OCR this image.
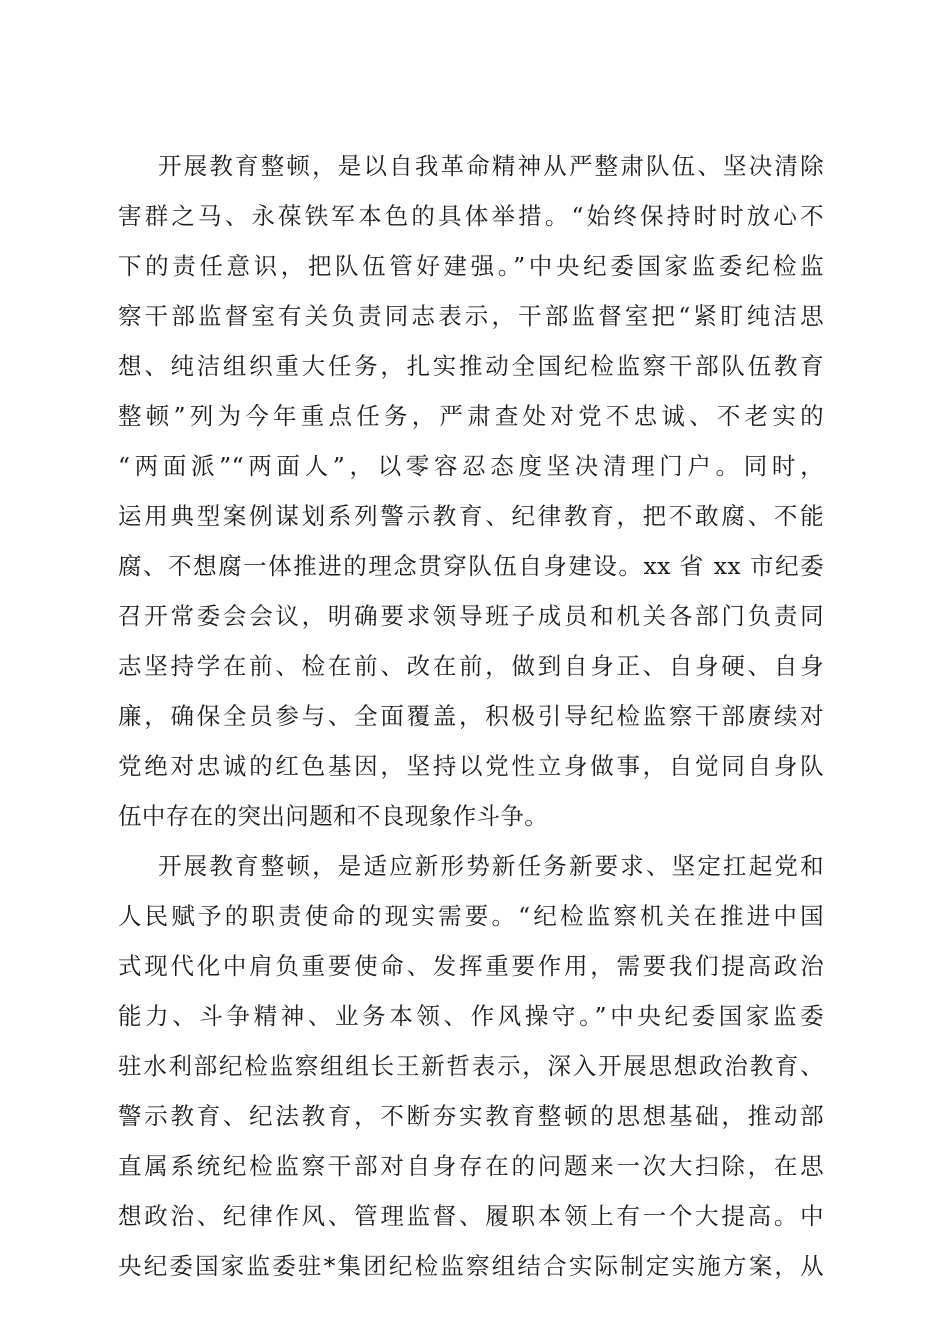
开展教育整顿，是以自我革命精神从严整肃队伍、坚决清除
害群之马、永葆铁军本色的具体举措。“始终保持时时放心不
下的责任意识，把队伍管好建强。”中央纪委国家监委纪检监
察干部监督室有关负责同志表示，干部监督室把“紧盯纯洁思
想、纯洁组织重大任务，扎实推动全国纪检监察干部队伍教育
整顿”列为今年重点任务，严肃查处对党不忠诚、不老实的
“两面派”“两面人”，以零容忍态度坚决清理门户。同时，
运用典型案例谋划系列警示教育、纪律教育，把不敢腐、不能
腐、不想腐一体推进的理念贯穿队伍自身建设。xx 省 xx 市纪委
召开常委会会议，明确要求领导班子成员和机关各部门负责同
志坚持学在前、检在前、改在前，做到自身正、自身硬、自身
廉，确保全员参与、全面覆盖，积极引导纪检监察干部赓续对
党绝对忠诚的红色基因，坚持以党性立身做事，自觉同自身队
伍中存在的突出问题和不良现象作斗争。
开展教育整顿，是适应新形势新任务新要求、坚定扛起党和
人民赋予的职责使命的现实需要。“纪检监察机关在推进中国
式现代化中肩负重要使命、发挥重要作用，需要我们提高政治
能力、斗争精神、业务本领、作风操守。”中央纪委国家监委
驻水利部纪检监察组组长王新哲表示，深入开展思想政治教育、
警示教育、纪法教育，不断夯实教育整顿的思想基础，推动部
直属系统纪检监察干部对自身存在的问题来一次大扫除，在思
想政治、纪律作风、管理监督、履职本领上有一个大提高。中
央纪委国家监委驻*集团纪检监察组结合实际制定实施方案，从
